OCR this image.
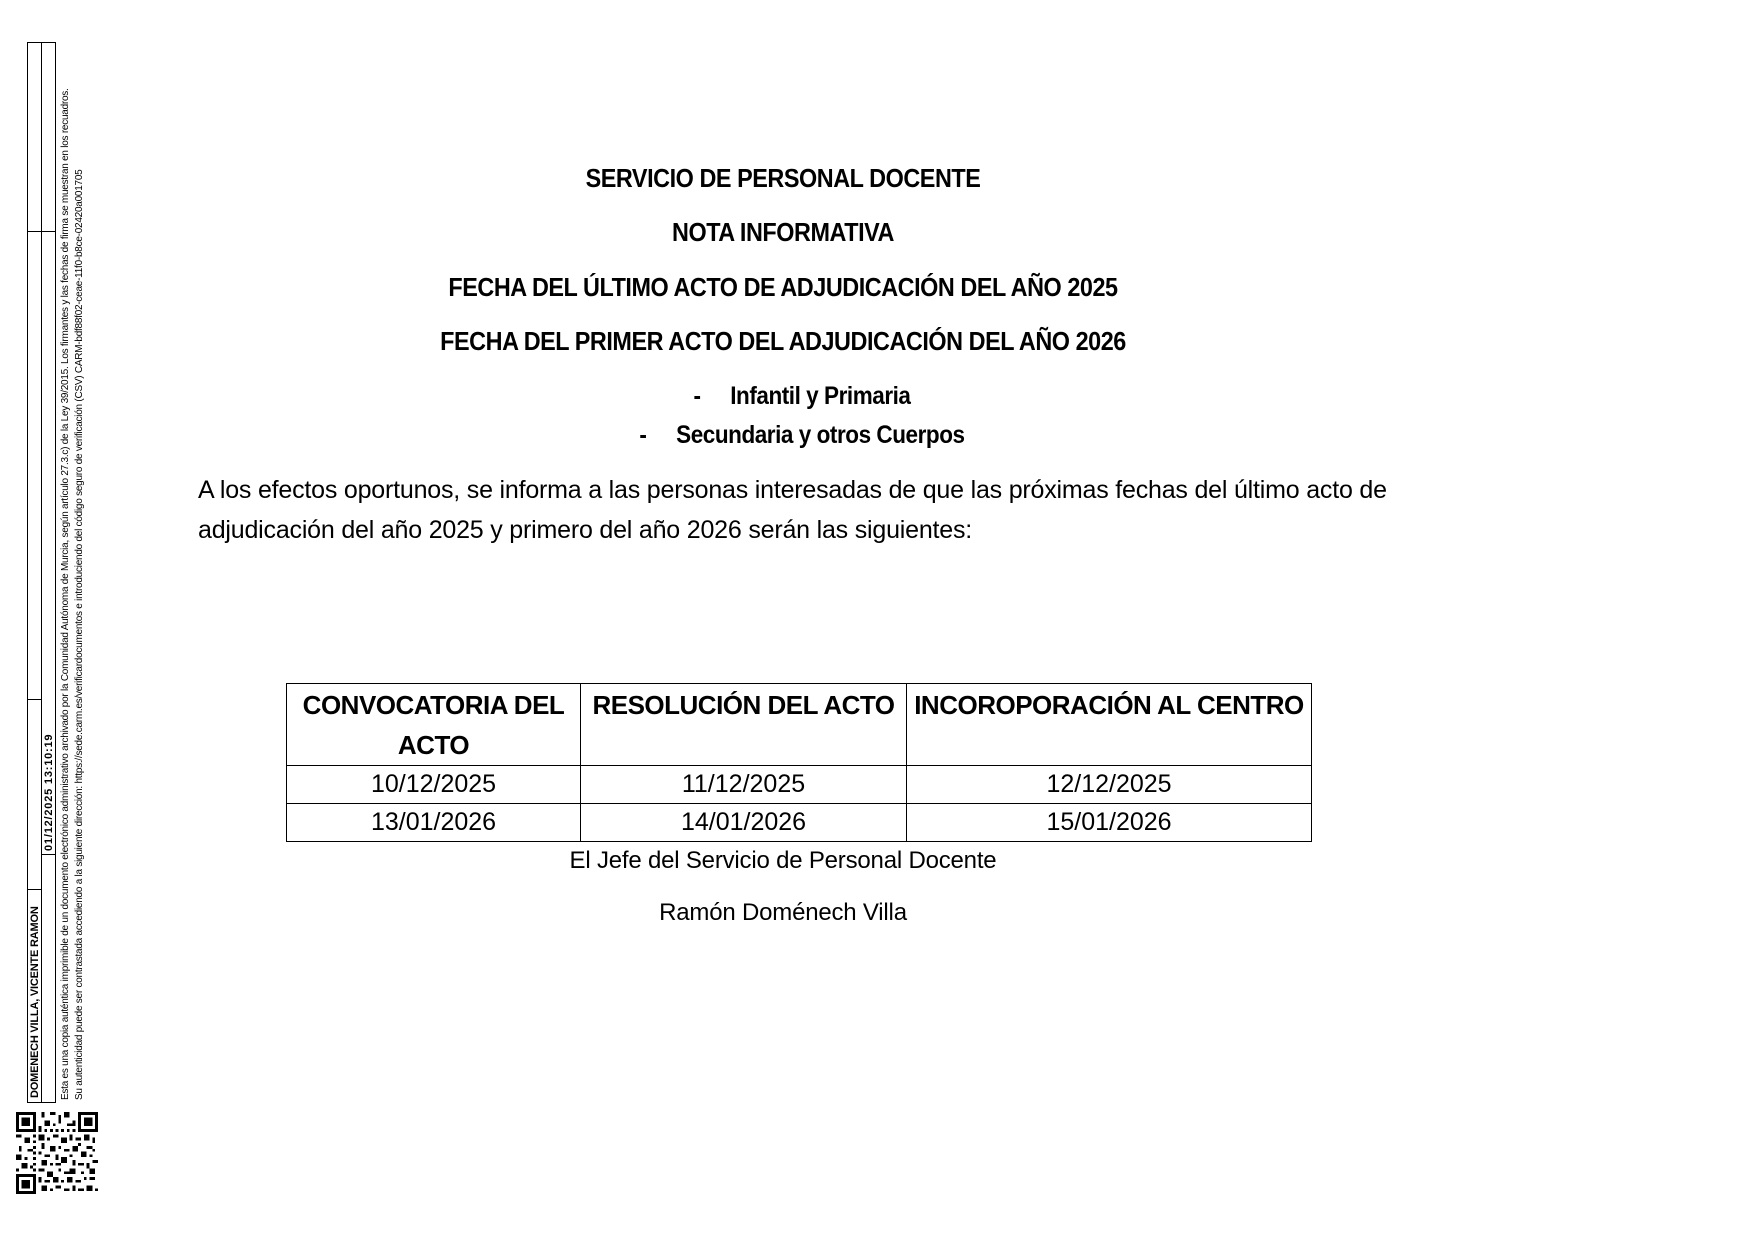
SERVICIO DE PERSONAL DOCENTE
NOTA INFORMATIVA
FECHA DEL ÚLTIMO ACTO DE ADJUDICACIÓN DEL AÑO 2025
FECHA DEL PRIMER ACTO DEL ADJUDICACIÓN DEL AÑO 2026
- Infantil y Primaria
- Secundaria y otros Cuerpos
A los efectos oportunos, se informa a las personas interesadas de que las próximas fechas del último acto de adjudicación del año 2025 y primero del año 2026 serán las siguientes:
CONVOCATORIA DEL ACTO	RESOLUCIÓN DEL ACTO	INCOROPORACIÓN AL CENTRO
10/12/2025	11/12/2025	12/12/2025
13/01/2026	14/01/2026	15/01/2026
El Jefe del Servicio de Personal Docente
Ramón Doménech Villa
DOMENECH VILLA, VICENTE RAMON
01/12/2025 13:10:19 Esta es una copia auténtica imprimible de un documento electrónico administrativo archivado por la Comunidad Autónoma de Murcia, según artículo 27.3.c) de la Ley 39/2015. Los firmantes y las fechas de firma se muestran en los recuadros. Su autenticidad puede ser contrastada accediendo a la siguiente dirección: https://sede.carm.es/verificardocumentos e introduciendo del código seguro de verificación (CSV) CARM-bdf88f02-ceae-11f0-b8ce-02420a001705
